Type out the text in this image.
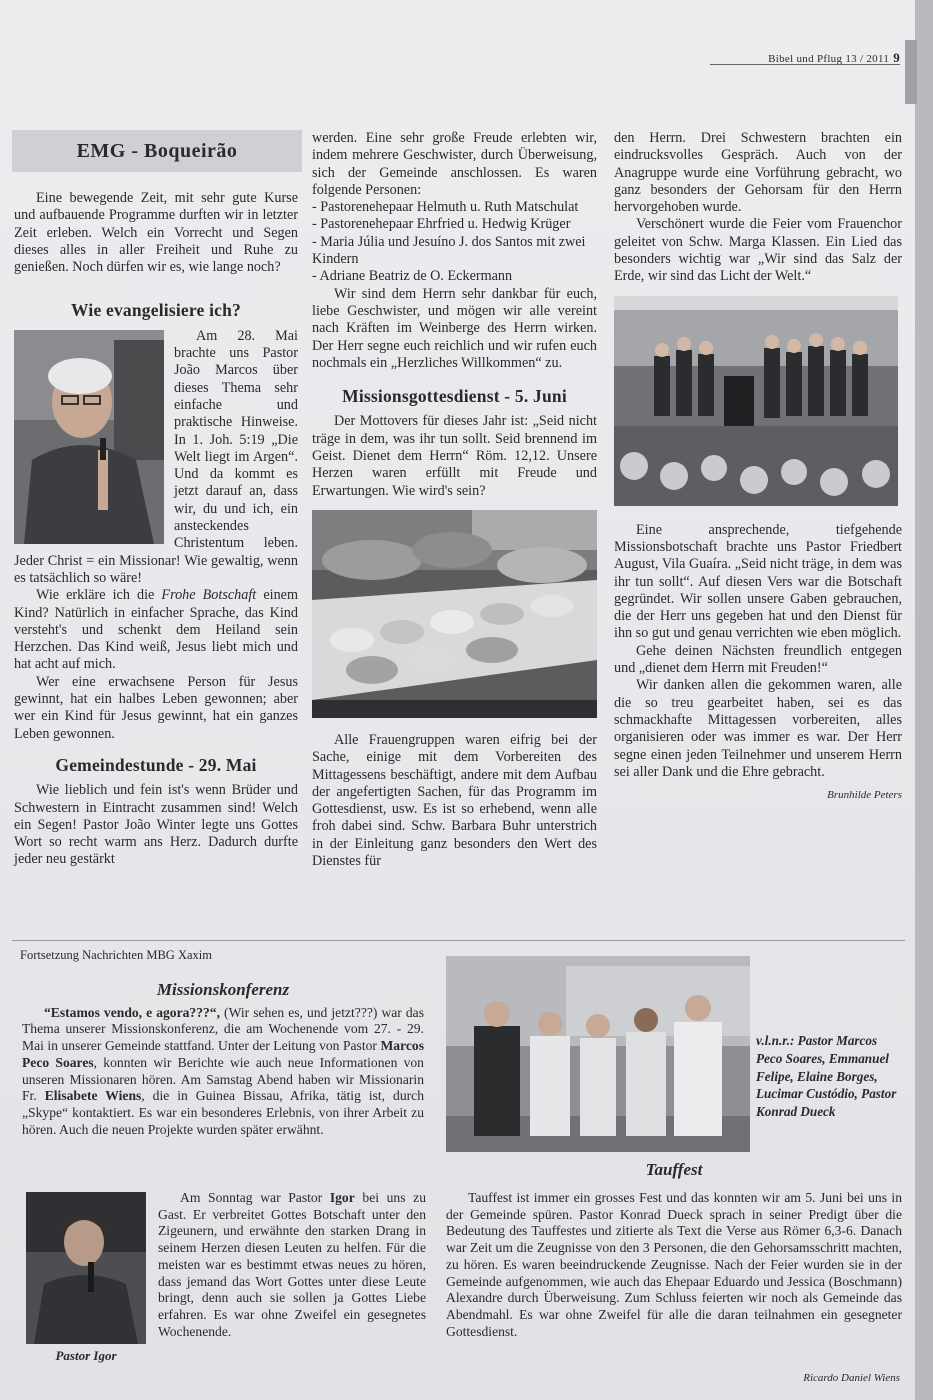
Bibel und Pflug 13 / 2011 9
EMG - Boqueirão

Eine bewegende Zeit, mit sehr gute Kurse und aufbauende Programme durften wir in letzter Zeit erleben. Welch ein Vorrecht und Segen dieses alles in aller Freiheit und Ruhe zu genießen. Noch dürfen wir es, wie lange noch?

Wie evangelisiere ich?

Am 28. Mai brachte uns Pastor João Marcos über dieses Thema sehr einfache und praktische Hinweise. In 1. Joh. 5:19 „Die Welt liegt im Argen“. Und da kommt es jetzt darauf an, dass wir, du und ich, ein ansteckendes Christentum leben. Jeder Christ = ein Missionar! Wie gewaltig, wenn es tatsächlich so wäre!

Wie erkläre ich die Frohe Botschaft einem Kind? Natürlich in einfacher Sprache, das Kind versteht's und schenkt dem Heiland sein Herzchen. Das Kind weiß, Jesus liebt mich und hat acht auf mich.

Wer eine erwachsene Person für Jesus gewinnt, hat ein halbes Leben gewonnen; aber wer ein Kind für Jesus gewinnt, hat ein ganzes Leben gewonnen.

Gemeindestunde - 29. Mai

Wie lieblich und fein ist's wenn Brüder und Schwestern in Eintracht zusammen sind! Welch ein Segen! Pastor João Winter legte uns Gottes Wort so recht warm ans Herz. Dadurch durfte jeder neu gestärkt

werden. Eine sehr große Freude erlebten wir, indem mehrere Geschwister, durch Überweisung, sich der Gemeinde anschlossen. Es waren folgende Personen:

- Pastorenehepaar Helmuth u. Ruth Matschulat

- Pastorenehepaar Ehrfried u. Hedwig Krüger

- Maria Júlia und Jesuíno J. dos Santos mit zwei Kindern

- Adriane Beatriz de O. Eckermann

Wir sind dem Herrn sehr dankbar für euch, liebe Geschwister, und mögen wir alle vereint nach Kräften im Weinberge des Herrn wirken. Der Herr segne euch reichlich und wir rufen euch nochmals ein „Herzliches Willkommen“ zu.

Missionsgottesdienst - 5. Juni

Der Mottovers für dieses Jahr ist: „Seid nicht träge in dem, was ihr tun sollt. Seid brennend im Geist. Dienet dem Herrn“ Röm. 12,12. Unsere Herzen waren erfüllt mit Freude und Erwartungen. Wie wird's sein?

Alle Frauengruppen waren eifrig bei der Sache, einige mit dem Vorbereiten des Mittagessens beschäftigt, andere mit dem Aufbau der angefertigten Sachen, für das Programm im Gottesdienst, usw. Es ist so erhebend, wenn alle froh dabei sind. Schw. Barbara Buhr unterstrich in der Einleitung ganz besonders den Wert des Dienstes für

den Herrn. Drei Schwestern brachten ein eindrucksvolles Gespräch. Auch von der Anagruppe wurde eine Vorführung gebracht, wo ganz besonders der Gehorsam für den Herrn hervorgehoben wurde.

Verschönert wurde die Feier vom Frauenchor geleitet von Schw. Marga Klassen. Ein Lied das besonders wichtig war „Wir sind das Salz der Erde, wir sind das Licht der Welt.“

Eine ansprechende, tiefgehende Missionsbotschaft brachte uns Pastor Friedbert August, Vila Guaíra. „Seid nicht träge, in dem was ihr tun sollt“. Auf diesen Vers war die Botschaft gegründet. Wir sollen unsere Gaben gebrauchen, die der Herr uns gegeben hat und den Dienst für ihn so gut und genau verrichten wie eben möglich.

Gehe deinen Nächsten freundlich entgegen und „dienet dem Herrn mit Freuden!“

Wir danken allen die gekommen waren, alle die so treu gearbeitet haben, sei es das schmackhafte Mittagessen vorbereiten, alles organisieren oder was immer es war. Der Herr segne einen jeden Teilnehmer und unserem Herrn sei aller Dank und die Ehre gebracht.

Brunhilde Peters
Fortsetzung Nachrichten MBG Xaxim
Missionskonferenz

“Estamos vendo, e agora???“, (Wir sehen es, und jetzt???) war das Thema unserer Missionskonferenz, die am Wochenende vom 27. - 29. Mai in unserer Gemeinde stattfand. Unter der Leitung von Pastor Marcos Peco Soares, konnten wir Berichte wie auch neue Informationen von unseren Missionaren hören. Am Samstag Abend haben wir Missionarin Fr. Elisabete Wiens, die in Guinea Bissau, Afrika, tätig ist, durch „Skype“ kontaktiert. Es war ein besonderes Erlebnis, von ihrer Arbeit zu hören. Auch die neuen Projekte wurden später erwähnt.

Pastor Igor

Am Sonntag war Pastor Igor bei uns zu Gast. Er verbreitet Gottes Botschaft unter den Zigeunern, und erwähnte den starken Drang in seinem Herzen diesen Leuten zu helfen. Für die meisten war es bestimmt etwas neues zu hören, dass jemand das Wort Gottes unter diese Leute bringt, denn auch sie sollen ja Gottes Liebe erfahren. Es war ohne Zweifel ein gesegnetes Wochenende.

v.l.n.r.: Pastor Marcos Peco Soares, Emmanuel Felipe, Elaine Borges, Lucimar Custódio, Pastor Konrad Dueck
Tauffest

Tauffest ist immer ein grosses Fest und das konnten wir am 5. Juni bei uns in der Gemeinde spüren. Pastor Konrad Dueck sprach in seiner Predigt über die Bedeutung des Tauffestes und zitierte als Text die Verse aus Römer 6,3-6. Danach war Zeit um die Zeugnisse von den 3 Personen, die den Gehorsamsschritt machten, zu hören. Es waren beeindruckende Zeugnisse. Nach der Feier wurden sie in der Gemeinde aufgenommen, wie auch das Ehepaar Eduardo und Jessica (Boschmann) Alexandre durch Überweisung. Zum Schluss feierten wir noch als Gemeinde das Abendmahl. Es war ohne Zweifel für alle die daran teilnahmen ein gesegneter Gottesdienst.

Ricardo Daniel Wiens
